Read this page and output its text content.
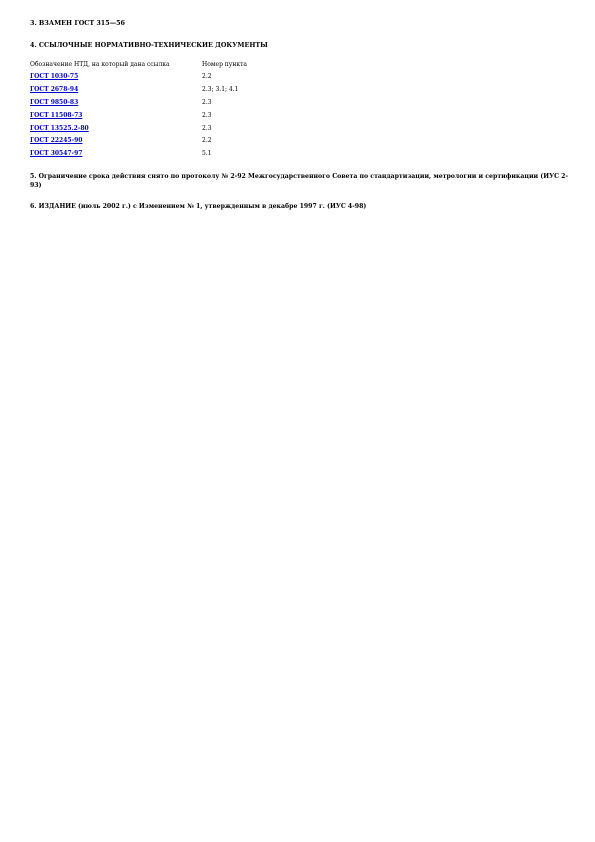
3. ВЗАМЕН ГОСТ 315—56
4. ССЫЛОЧНЫЕ НОРМАТИВНО-ТЕХНИЧЕСКИЕ ДОКУМЕНТЫ
Обозначение НТД, на который дана ссылка	Номер пункта
ГОСТ 1030-75	2.2
ГОСТ 2678-94	2.3; 3.1; 4.1
ГОСТ 9850-83	2.3
ГОСТ 11508-73	2.3
ГОСТ 13525.2-80	2.3
ГОСТ 22245-90	2.2
ГОСТ 30547-97	5.1
5. Ограничение срока действия снято по протоколу № 2-92 Межгосударственного Совета по стандартизации, метрологии и сертификации (ИУС 2-93)
6. ИЗДАНИЕ (июль 2002 г.) с Изменением № 1, утвержденным в декабре 1997 г. (ИУС 4-98)
